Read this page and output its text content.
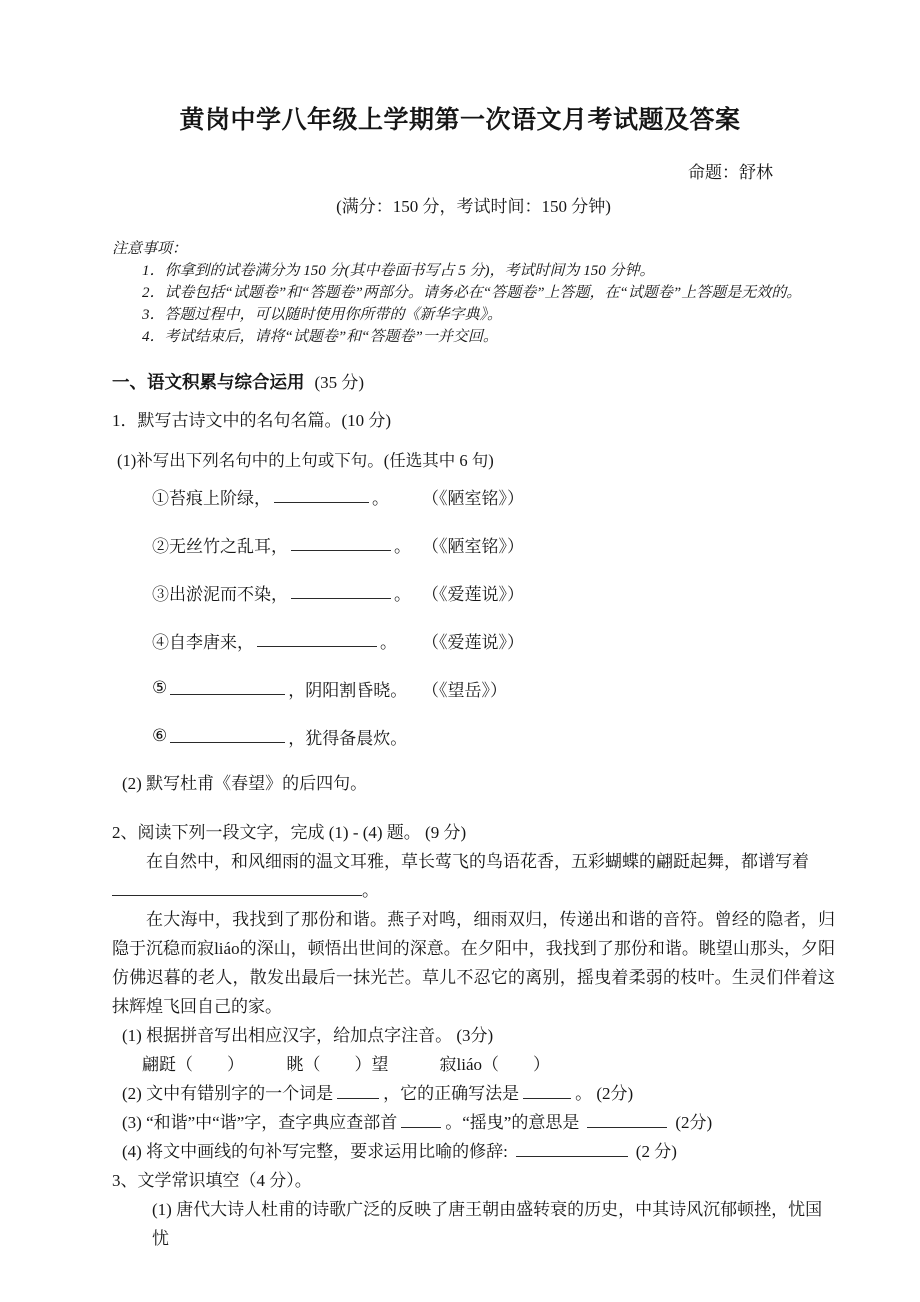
黄岗中学八年级上学期第一次语文月考试题及答案
命题：舒林
(满分：150 分，考试时间：150 分钟)
注意事项：
1．你拿到的试卷满分为 150 分(其中卷面书写占 5 分)，考试时间为 150 分钟。
2．试卷包括“试题卷”和“答题卷”两部分。请务必在“答题卷”上答题，在“试题卷”上答题是无效的。
3．答题过程中，可以随时使用你所带的《新华字典》。
4．考试结束后，请将“试题卷”和“答题卷”一并交回。
一、语文积累与综合运用 (35 分)
1．默写古诗文中的名句名篇。(10 分)
(1)补写出下列名句中的上句或下句。(任选其中 6 句)
①苔痕上阶绿，	。 （《陋室铭》）
②无丝竹之乱耳，	。 （《陋室铭》）
③出淤泥而不染，	。 （《爱莲说》）
④自李唐来，	。 （《爱莲说》）
⑤	，阴阳割昏晓。 （《望岳》）
⑥	，犹得备晨炊。
(2) 默写杜甫《春望》的后四句。
2、阅读下列一段文字，完成 (1) - (4) 题。 (9 分)
在自然中，和风细雨的温文耳雅，草长莺飞的鸟语花香，五彩蝴蝶的翩跹起舞，都谱写着
。
在大海中，我找到了那份和谐。燕子对鸣，细雨双归，传递出和谐的音符。曾经的隐者，归隐于沉稳而寂liáo的深山，顿悟出世间的深意。在夕阳中，我找到了那份和谐。眺望山那头，夕阳仿佛迟暮的老人，散发出最后一抹光芒。草儿不忍它的离别，摇曳着柔弱的枝叶。生灵们伴着这抹辉煌飞回自己的家。
(1) 根据拼音写出相应汉字，给加点字注音。 (3分)
翩跹（　　）　　　眺（　　）望　　　寂liáo（　　）
(2) 文中有错别字的一个词是	，它的正确写法是	。 (2分)
(3) “和谐”中“谐”字，查字典应查部首	。“摇曳”的意思是	(2分)
(4) 将文中画线的句补写完整，要求运用比喻的修辞:	(2 分)
3、文学常识填空（4 分）。
(1) 唐代大诗人杜甫的诗歌广泛的反映了唐王朝由盛转衰的历史，中其诗风沉郁顿挫，忧国忧
